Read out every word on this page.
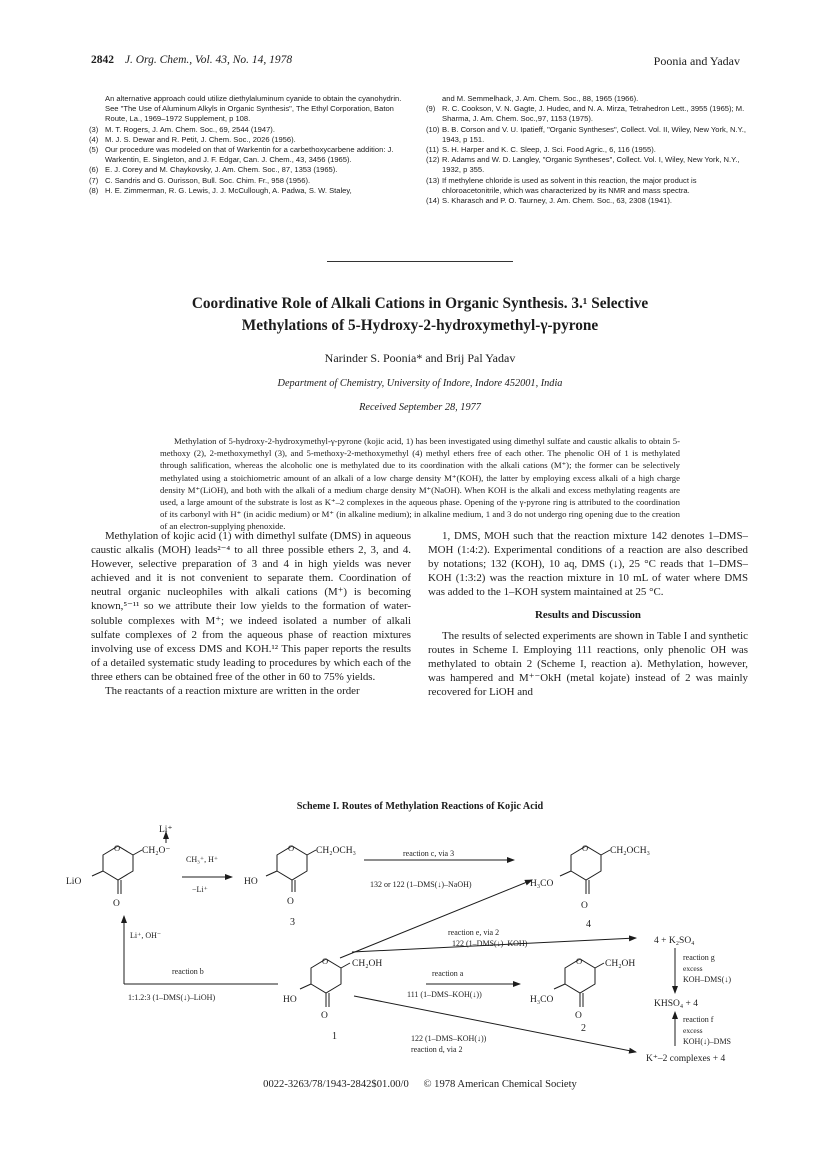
2842 J. Org. Chem., Vol. 43, No. 14, 1978	Poonia and Yadav
An alternative approach could utilize diethylaluminum cyanide to obtain the cyanohydrin. See "The Use of Aluminum Alkyls in Organic Synthesis", The Ethyl Corporation, Baton Route, La., 1969–1972 Supplement, p 108.
(3) M. T. Rogers, J. Am. Chem. Soc., 69, 2544 (1947).
(4) M. J. S. Dewar and R. Petit, J. Chem. Soc., 2026 (1956).
(5) Our procedure was modeled on that of Warkentin for a carbethoxycarbene addition: J. Warkentin, E. Singleton, and J. F. Edgar, Can. J. Chem., 43, 3456 (1965).
(6) E. J. Corey and M. Chaykovsky, J. Am. Chem. Soc., 87, 1353 (1965).
(7) C. Sandris and G. Ourisson, Bull. Soc. Chim. Fr., 958 (1956).
(8) H. E. Zimmerman, R. G. Lewis, J. J. McCullough, A. Padwa, S. W. Staley,
and M. Semmelhack, J. Am. Chem. Soc., 88, 1965 (1966).
(9) R. C. Cookson, V. N. Gagte, J. Hudec, and N. A. Mirza, Tetrahedron Lett., 3955 (1965); M. Sharma, J. Am. Chem. Soc.,97, 1153 (1975).
(10) B. B. Corson and V. U. Ipatieff, "Organic Syntheses", Collect. Vol. II, Wiley, New York, N.Y., 1943, p 151.
(11) S. H. Harper and K. C. Sleep, J. Sci. Food Agric., 6, 116 (1955).
(12) R. Adams and W. D. Langley, "Organic Syntheses", Collect. Vol. I, Wiley, New York, N.Y., 1932, p 355.
(13) If methylene chloride is used as solvent in this reaction, the major product is chloroacetonitrile, which was characterized by its NMR and mass spectra.
(14) S. Kharasch and P. O. Taurney, J. Am. Chem. Soc., 63, 2308 (1941).
Coordinative Role of Alkali Cations in Organic Synthesis. 3.¹ Selective
Methylations of 5-Hydroxy-2-hydroxymethyl-γ-pyrone
Narinder S. Poonia* and Brij Pal Yadav
Department of Chemistry, University of Indore, Indore 452001, India
Received September 28, 1977
Methylation of 5-hydroxy-2-hydroxymethyl-γ-pyrone (kojic acid, 1) has been investigated using dimethyl sulfate and caustic alkalis to obtain 5-methoxy (2), 2-methoxymethyl (3), and 5-methoxy-2-methoxymethyl (4) methyl ethers free of each other. The phenolic OH of 1 is methylated through salification, whereas the alcoholic one is methylated due to its coordination with the alkali cations (M⁺); the former can be selectively methylated using a stoichiometric amount of an alkali of a low charge density M⁺(KOH), the latter by employing excess alkali of a high charge density M⁺(LiOH), and both with the alkali of a medium charge density M⁺(NaOH). When KOH is the alkali and excess methylating reagents are used, a large amount of the substrate is lost as K⁺–2 complexes in the aqueous phase. Opening of the γ-pyrone ring is attributed to the coordination of its carbonyl with H⁺ (in acidic medium) or M⁺ (in alkaline medium); in alkaline medium, 1 and 3 do not undergo ring opening due to the creation of an electron-supplying phenoxide.

Methylation of kojic acid (1) with dimethyl sulfate (DMS) in aqueous caustic alkalis (MOH) leads²⁻⁴ to all three possible ethers 2, 3, and 4. However, selective preparation of 3 and 4 in high yields was never achieved and it is not convenient to separate them. Coordination of neutral organic nucleophiles with alkali cations (M⁺) is becoming known,⁵⁻¹¹ so we attribute their low yields to the formation of water-soluble complexes with M⁺; we indeed isolated a number of alkali sulfate complexes of 2 from the aqueous phase of reaction mixtures involving use of excess DMS and KOH.¹² This paper reports the results of a detailed systematic study leading to procedures by which each of the three ethers can be obtained free of the other in 60 to 75% yields.

The reactants of a reaction mixture are written in the order

1, DMS, MOH such that the reaction mixture 142 denotes 1–DMS–MOH (1:4:2). Experimental conditions of a reaction are also described by notations; 132 (KOH), 10 aq, DMS (↓), 25 °C reads that 1–DMS–KOH (1:3:2) was the reaction mixture in 10 mL of water where DMS was added to the 1–KOH system maintained at 25 °C.

Results and Discussion

The results of selected experiments are shown in Table I and synthetic routes in Scheme I. Employing 111 reactions, only phenolic OH was methylated to obtain 2 (Scheme I, reaction a). Methylation, however, was hampered and M⁺⁻OkH (metal kojate) instead of 2 was mainly recovered for LiOH and

Scheme I. Routes of Methylation Reactions of Kojic Acid
Li⁺
O CH₂O⁻
LiO
O
CH₃⁺, H⁺
−Li⁺
O CH₂OCH₃
HO
O
3
reaction c, via 3
132 or 122 (1–DMS(↓)–NaOH)
O CH₂OCH₃
H₃CO
O
4
Li⁺, OH⁻
reaction b
1:1.2:3 (1–DMS(↓)–LiOH)
reaction e, via 2
122 (1–DMS(↓)–KOH)	4 + K₂SO₄
O	CH₂OH
HO
O
1
reaction a
111 (1–DMS–KOH(↓))
O CH₂OH
H₃CO
O
2
reaction g
excess
KOH–DMS(↓)
KHSO₄ + 4
reaction f
excess
KOH(↓)–DMS
122 (1–DMS–KOH(↓))
reaction d, via 2
K⁺–2 complexes + 4
0022-3263/78/1943-2842$01.00/0 © 1978 American Chemical Society
